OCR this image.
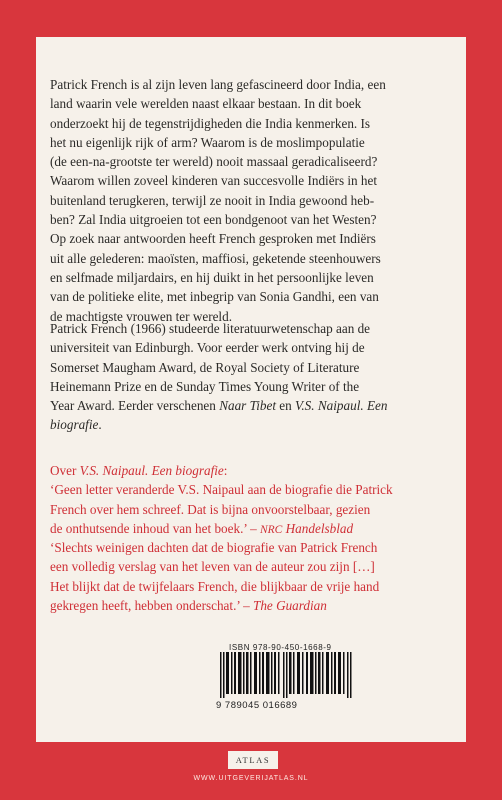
Patrick French is al zijn leven lang gefascineerd door India, een

land waarin vele werelden naast elkaar bestaan. In dit boek

onderzoekt hij de tegenstrijdigheden die India kenmerken. Is

het nu eigenlijk rijk of arm? Waarom is de moslimpopulatie

(de een-na-grootste ter wereld) nooit massaal geradicaliseerd?

Waarom willen zoveel kinderen van succesvolle Indiërs in het

buitenland terugkeren, terwijl ze nooit in India gewoond heb-

ben? Zal India uitgroeien tot een bondgenoot van het Westen?

Op zoek naar antwoorden heeft French gesproken met Indiërs

uit alle gelederen: maoïsten, maffiosi, geketende steenhouwers

en selfmade miljardairs, en hij duikt in het persoonlijke leven

van de politieke elite, met inbegrip van Sonia Gandhi, een van

de machtigste vrouwen ter wereld.

Patrick French (1966) studeerde literatuurwetenschap aan de

universiteit van Edinburgh. Voor eerder werk ontving hij de

Somerset Maugham Award, de Royal Society of Literature

Heinemann Prize en de Sunday Times Young Writer of the

Year Award. Eerder verschenen Naar Tibet en V.S. Naipaul. Een

biografie.

Over V.S. Naipaul. Een biografie:

‘Geen letter veranderde V.S. Naipaul aan de biografie die Patrick

French over hem schreef. Dat is bijna onvoorstelbaar, gezien

de onthutsende inhoud van het boek.’ – NRC Handelsblad

‘Slechts weinigen dachten dat de biografie van Patrick French

een volledig verslag van het leven van de auteur zou zijn […]

Het blijkt dat de twijfelaars French, die blijkbaar de vrije hand

gekregen heeft, hebben onderschat.’ – The Guardian

ISBN 978-90-450-1668-9
9 789045 016689
ATLAS
WWW.UITGEVERIJATLAS.NL
